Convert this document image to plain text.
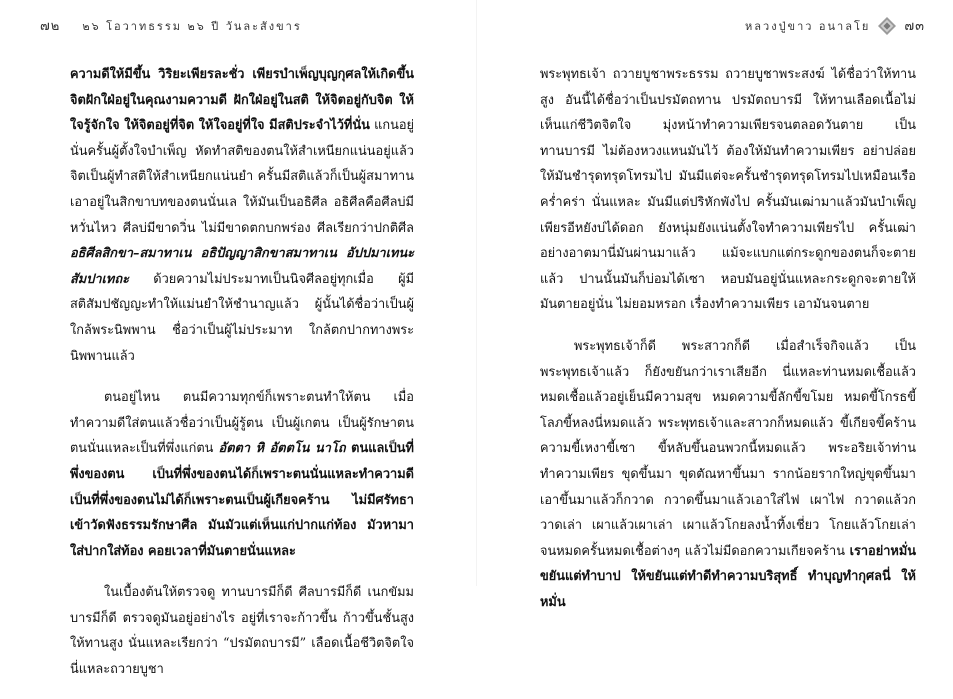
๗๒ ๒๖ โอวาทธรรม ๒๖ ปี วันละสังขาร

ความดีให้มีขึ้น วิริยะเพียรละชั่ว เพียรบำเพ็ญบุญกุศลให้เกิดขึ้น จิตฝักใฝ่อยู่ในคุณงามความดี ฝักใฝ่อยู่ในสติ ให้จิตอยู่กับจิต ให้ใจรู้จักใจ ให้จิตอยู่ที่จิต ให้ใจอยู่ที่ใจ มีสติประจำไว้ที่นั่น แกนอยู่นั่นครั้นผู้ตั้งใจบำเพ็ญ หัดทำสติของตนให้สำเหนียกแน่นอยู่แล้ว จิตเป็นผู้ทำสติให้สำเหนียกแน่นยำ ครั้นมีสติแล้วก็เป็นผู้สมาทานเอาอยู่ในสิกขาบทของตนนั่นเล ให้มันเป็นอธิศีล อธิศีลคือศีลบ่มีหวั่นไหว ศีลบ่มีขาดวิ่น ไม่มีขาดตกบกพร่อง ศีลเรียกว่าปกติศีล อธิศีลสิกขา–สมาทาเน อธิปัญญาสิกขาสมาทาเน อัปปมาเทนะ สัมปาเทถะ ด้วยความไม่ประมาทเป็นนิจศีลอยู่ทุกเมื่อ ผู้มีสติสัมปชัญญะทำให้แม่นยำให้ชำนาญแล้ว ผู้นั้นได้ชื่อว่าเป็นผู้ใกล้พระนิพพาน ชื่อว่าเป็นผู้ไม่ประมาท ใกล้ตกปากทางพระนิพพานแล้ว

ตนอยู่ไหน ตนมีความทุกข์ก็เพราะตนทำให้ตน เมื่อทำความดีใส่ตนแล้วชื่อว่าเป็นผู้รู้ตน เป็นผู้เกตน เป็นผู้รักษาตน ตนนั่นแหละเป็นที่พึ่งแก่ตน อัตตา หิ อัตตโน นาโถ ตนแลเป็นที่พึ่งของตน เป็นที่พึ่งของตนได้ก็เพราะตนนั่นแหละทำความดี เป็นที่พึ่งของตนไม่ได้ก็เพราะตนเป็นผู้เกียจคร้าน ไม่มีศรัทธาเข้าวัดฟังธรรมรักษาศีล มันมัวแต่เห็นแก่ปากแก่ท้อง มัวหามาใส่ปากใส่ท้อง คอยเวลาที่มันตายนั่นแหละ

ในเบื้องต้นให้ตรวจดู ทานบารมีก็ดี ศีลบารมีก็ดี เนกขัมมบารมีก็ดี ตรวจดูมันอยู่อย่างไร อยู่ที่เราจะก้าวขึ้น ก้าวขึ้นชั้นสูง ให้ทานสูง นั่นแหละเรียกว่า “ปรมัตถบารมี” เลือดเนื้อชีวิตจิตใจนี่แหละถวายบูชา

หลวงปู่ขาว อนาลโย	๗๓

พระพุทธเจ้า ถวายบูชาพระธรรม ถวายบูชาพระสงฆ์ ได้ชื่อว่าให้ทานสูง อันนี้ได้ชื่อว่าเป็นปรมัตถทาน ปรมัตถบารมี ให้ทานเลือดเนื้อไม่เห็นแก่ชีวิตจิตใจ มุ่งหน้าทำความเพียรจนตลอดวันตาย เป็นทานบารมี ไม่ต้องหวงแหนมันไว้ ต้องให้มันทำความเพียร อย่าปล่อยให้มันชำรุดทรุดโทรมไป มันมีแต่จะครั้นชำรุดทรุดโทรมไปเหมือนเรือคร่ำคร่า นั่นแหละ มันมีแต่ปริหักพังไป ครั้นมันเฒ่ามาแล้วมันบำเพ็ญเพียรอีหยังบ่ได้ดอก ยังหนุ่มยังแน่นตั้งใจทำความเพียรไป ครั้นเฒ่าอย่างอาตมานี่มันผ่านมาแล้ว แม้จะแบกแต่กระดูกของตนก็จะตายแล้ว ปานนั้นมันก็บ่อมได้เซา หอบมันอยู่นั่นแหละกระดูกจะตายให้มันตายอยู่นั่น ไม่ยอมหรอก เรื่องทำความเพียร เอามันจนตาย

พระพุทธเจ้าก็ดี พระสาวกก็ดี เมื่อสำเร็จกิจแล้ว เป็นพระพุทธเจ้าแล้ว ก็ยังขยันกว่าเราเสียอีก นี่แหละท่านหมดเชื้อแล้ว หมดเชื้อแล้วอยู่เย็นมีความสุข หมดความขี้ลักขี้ขโมย หมดขี้โกรธขี้โลภขี้หลงนี่หมดแล้ว พระพุทธเจ้าและสาวกก็หมดแล้ว ขี้เกียจขี้คร้าน ความขี้เหงาขี้เซา ขี้หลับขึ้นอนพวกนี้หมดแล้ว พระอริยเจ้าท่านทำความเพียร ขุดขึ้นมา ขุดตัณหาขึ้นมา รากน้อยรากใหญ่ขุดขึ้นมา เอาขึ้นมาแล้วก็กวาด กวาดขึ้นมาแล้วเอาใส่ไฟ เผาไฟ กวาดแล้วกวาดเล่า เผาแล้วเผาเล่า เผาแล้วโกยลงน้ำทิ้งเชี่ยว โกยแล้วโกยเล่า จนหมดครั้นหมดเชื้อต่างๆ แล้วไม่มีดอกความเกียจคร้าน เราอย่าหมั่นขยันแต่ทำบาป ให้ขยันแต่ทำดีทำความบริสุทธิ์ ทำบุญทำกุศลนี่ ให้หมั่น
